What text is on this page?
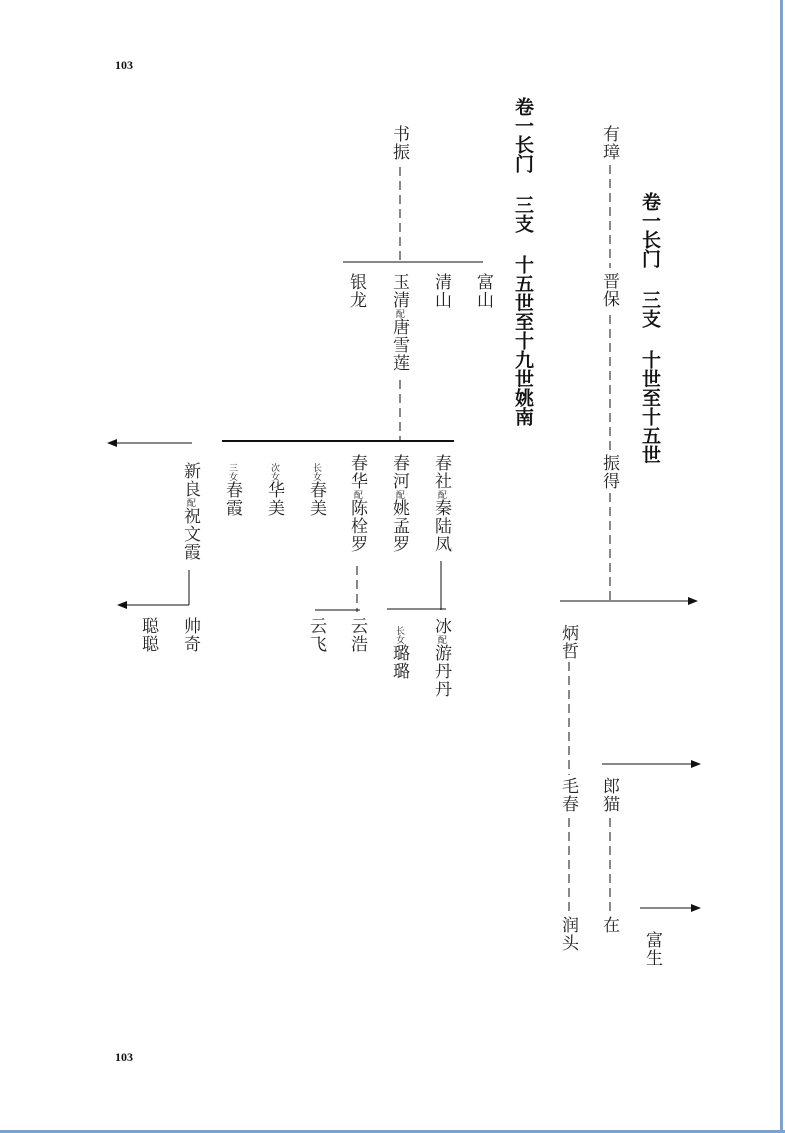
103
103
卷一长门 三支 十五世至十九世姚南	卷一长门 三支 十世至十五世
有璋
晋保
振得
炳哲
毛春
润头
郎猫
在
富生
书振
富山
清山
银龙 玉清配唐雪莲
春社配秦陆凤
春河配姚孟罗
春华配陈栓罗
长女春美
次女华美
三女春霞
新良配祝文霞
冰配游丹丹
长女璐璐
云浩
云飞
帅奇
聪聪
